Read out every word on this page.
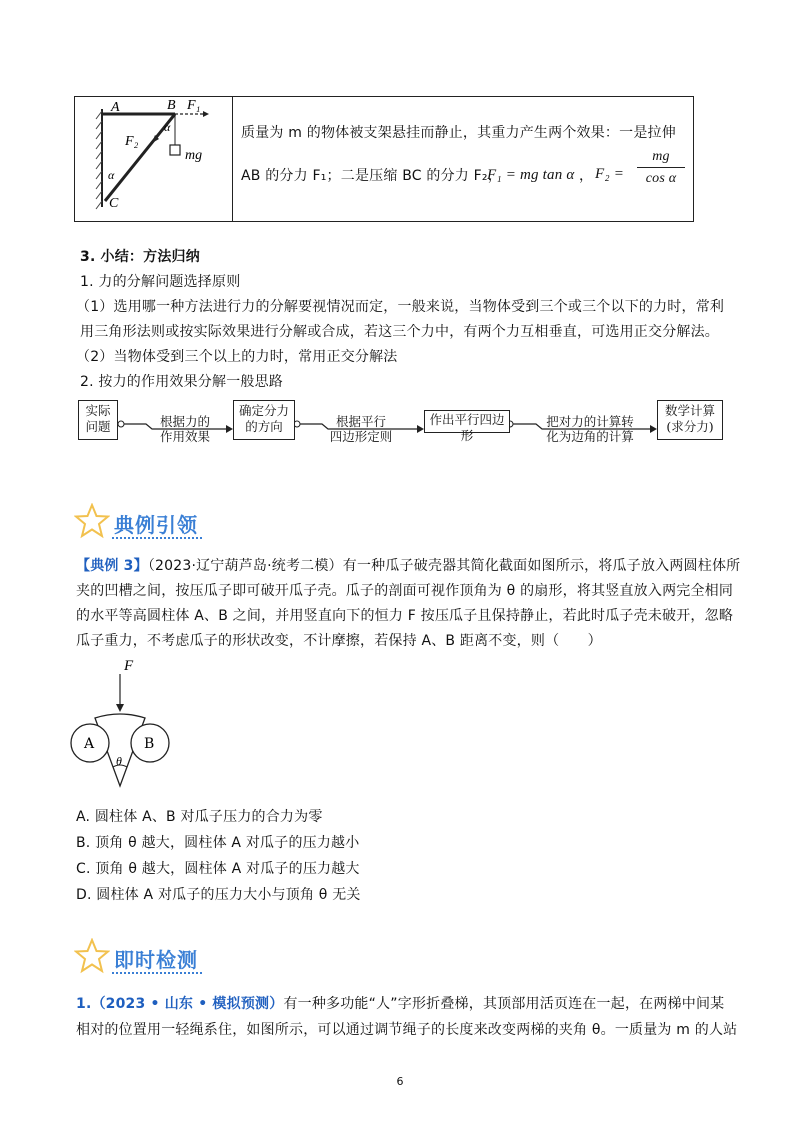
A	B F₁
F₂
α
α
mg
C

质量为 m 的物体被支架悬挂而静止，其重力产生两个效果：一是拉伸
AB 的分力 F₁；二是压缩 BC 的分力 F₂，
F₁ = mg tan α ， F₂ =
mg
cos α
3. 小结：方法归纳
1. 力的分解问题选择原则
（1）选用哪一种方法进行力的分解要视情况而定，一般来说，当物体受到三个或三个以下的力时，常利
用三角形法则或按实际效果进行分解或合成，若这三个力中，有两个力互相垂直，可选用正交分解法。
（2）当物体受到三个以上的力时，常用正交分解法
2. 按力的作用效果分解一般思路
实际
问题	根据力的
作用效果
确定分力
的方向	根据平行
四边形定则
作出平行四边形
把对力的计算转
化为边角的计算
数学计算
(求分力)
典例引领
【典例 3】（2023·辽宁葫芦岛·统考二模）有一种瓜子破壳器其简化截面如图所示，将瓜子放入两圆柱体所
夹的凹槽之间，按压瓜子即可破开瓜子壳。瓜子的剖面可视作顶角为 θ 的扇形，将其竖直放入两完全相同
的水平等高圆柱体 A、B 之间，并用竖直向下的恒力 F 按压瓜子且保持静止，若此时瓜子壳未破开，忽略
瓜子重力，不考虑瓜子的形状改变，不计摩擦，若保持 A、B 距离不变，则（　　）
F
A	B
θ
A. 圆柱体 A、B 对瓜子压力的合力为零
B. 顶角 θ 越大，圆柱体 A 对瓜子的压力越小
C. 顶角 θ 越大，圆柱体 A 对瓜子的压力越大
D. 圆柱体 A 对瓜子的压力大小与顶角 θ 无关
即时检测
1.（2023 • 山东 • 模拟预测）有一种多功能“人”字形折叠梯，其顶部用活页连在一起，在两梯中间某
相对的位置用一轻绳系住，如图所示，可以通过调节绳子的长度来改变两梯的夹角 θ。一质量为 m 的人站
6
